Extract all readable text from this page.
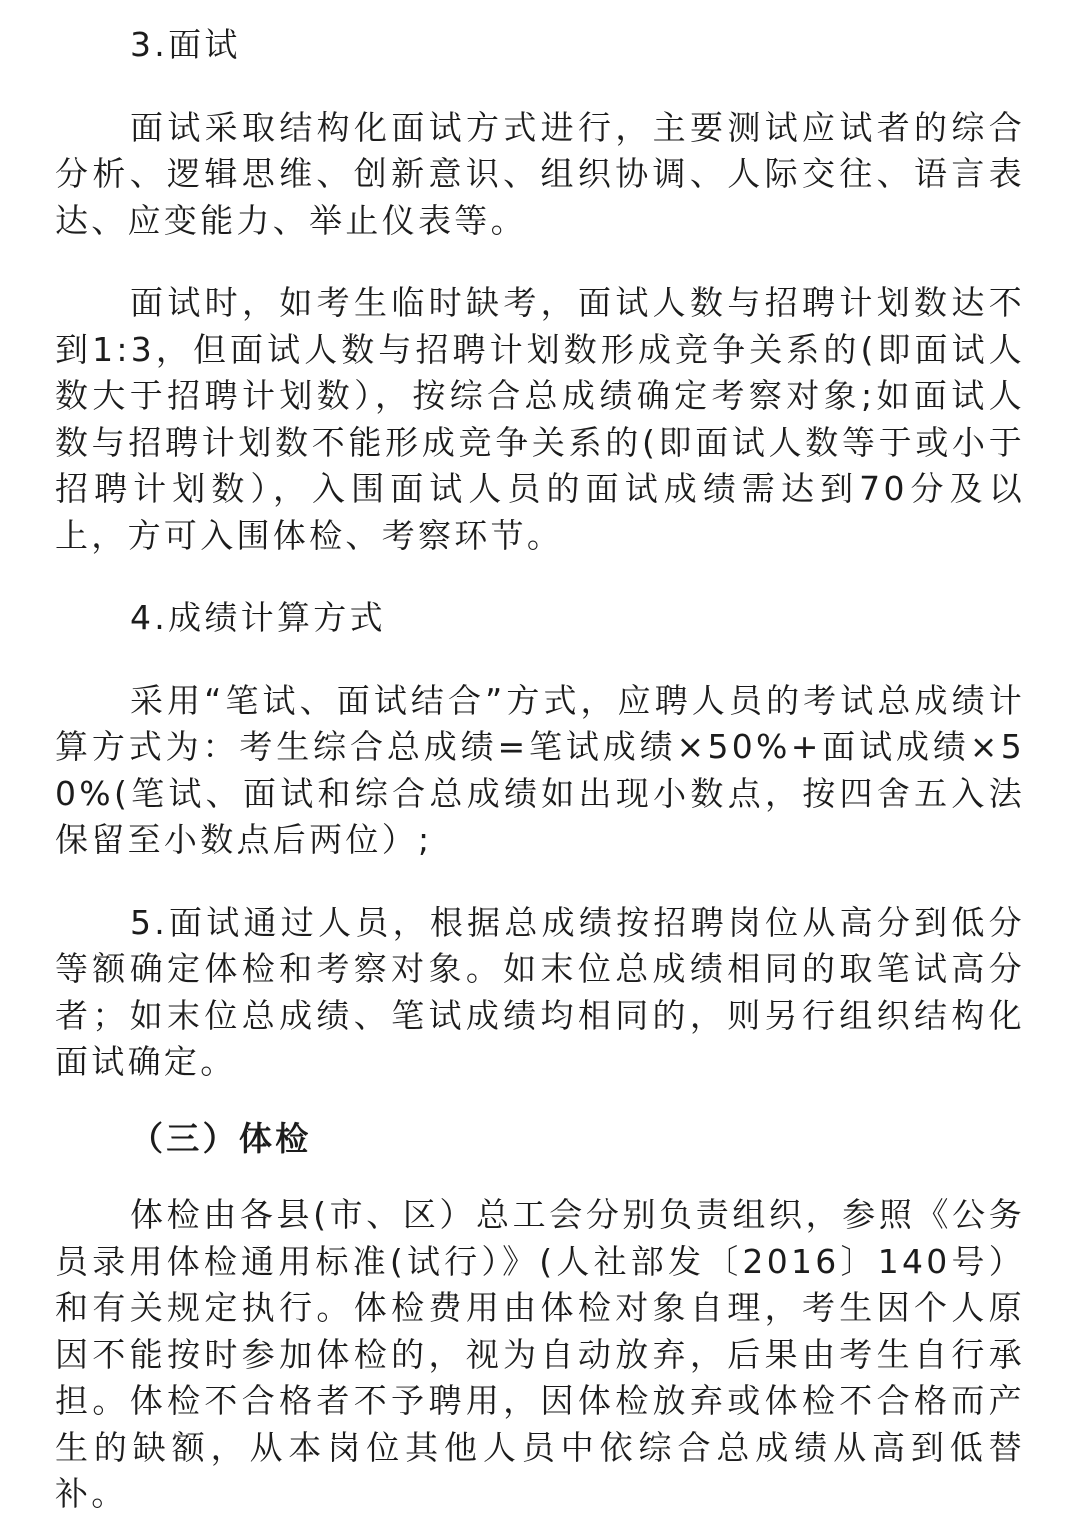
3.面试

面试采取结构化面试方式进行，主要测试应试者的综合分析、逻辑思维、创新意识、组织协调、人际交往、语言表达、应变能力、举止仪表等。

面试时，如考生临时缺考，面试人数与招聘计划数达不到1:3，但面试人数与招聘计划数形成竞争关系的(即面试人数大于招聘计划数），按综合总成绩确定考察对象;如面试人数与招聘计划数不能形成竞争关系的(即面试人数等于或小于招聘计划数），入围面试人员的面试成绩需达到70分及以上，方可入围体检、考察环节。

4.成绩计算方式

采用“笔试、面试结合”方式，应聘人员的考试总成绩计算方式为：考生综合总成绩=笔试成绩×50%+面试成绩×50%(笔试、面试和综合总成绩如出现小数点，按四舍五入法保留至小数点后两位）;

5.面试通过人员，根据总成绩按招聘岗位从高分到低分等额确定体检和考察对象。如末位总成绩相同的取笔试高分者；如末位总成绩、笔试成绩均相同的，则另行组织结构化面试确定。

（三）体检

体检由各县(市、区）总工会分别负责组织，参照《公务员录用体检通用标准(试行）》(人社部发〔2016〕140号）和有关规定执行。体检费用由体检对象自理，考生因个人原因不能按时参加体检的，视为自动放弃，后果由考生自行承担。体检不合格者不予聘用，因体检放弃或体检不合格而产生的缺额，从本岗位其他人员中依综合总成绩从高到低替补。
